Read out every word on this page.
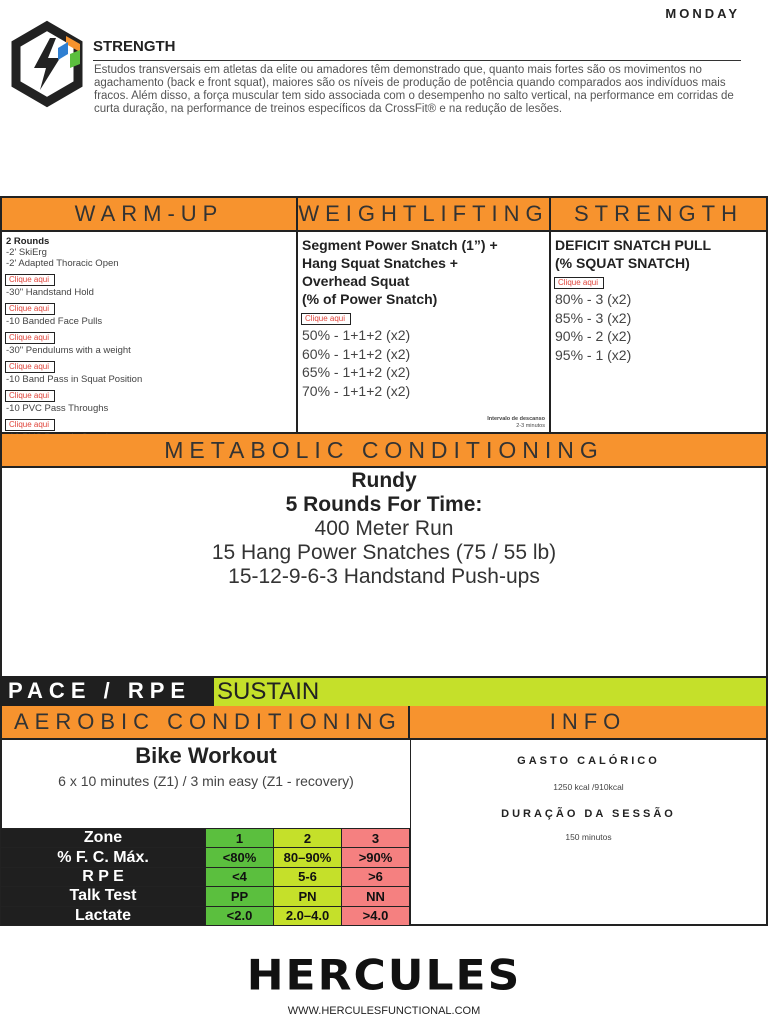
MONDAY
STRENGTH
Estudos transversais em atletas da elite ou amadores têm demonstrado que, quanto mais fortes são os movimentos no agachamento (back e front squat), maiores são os níveis de produção de potência quando comparados aos indivíduos mais fracos. Além disso, a força muscular tem sido associada com o desempenho no salto vertical, na performance em corridas de curta duração, na performance de treinos específicos da CrossFit® e na redução de lesões.
WARM-UP	WEIGHTLIFTING	STRENGTH
2 Rounds
-2' SkiErg
-2' Adapted Thoracic Open
Clique aqui
-30" Handstand Hold
Clique aqui
-10 Banded Face Pulls
Clique aqui
-30" Pendulums with a weight
Clique aqui
-10 Band Pass in Squat Position
Clique aqui
-10 PVC Pass Throughs
Clique aqui
Segment Power Snatch (1”) +
Hang Squat Snatches +
Overhead Squat
(% of Power Snatch)
Clique aqui
50% - 1+1+2 (x2)
60% - 1+1+2 (x2)
65% - 1+1+2 (x2)
70% - 1+1+2 (x2)
Intervalo de descanso
2-3 minutos
DEFICIT SNATCH PULL
(% SQUAT SNATCH)
Clique aqui
80% - 3 (x2)
85% - 3 (x2)
90% - 2 (x2)
95% - 1 (x2)
METABOLIC CONDITIONING
Rundy
5 Rounds For Time:
400 Meter Run
15 Hang Power Snatches (75 / 55 lb)
15-12-9-6-3 Handstand Push-ups
PACE / RPE SUSTAIN
AEROBIC CONDITIONING	INFO
Bike Workout
6 x 10 minutes (Z1) / 3 min easy (Z1 - recovery)
Zone	1	2	3
% F. C. Máx.	<80%	80–90%	>90%
R P E	<4	5-6	>6
Talk Test	PP	PN	NN
Lactate	<2.0	2.0–4.0	>4.0
GASTO CALÓRICO
1250 kcal /910kcal
DURAÇÃO DA SESSÃO
150 minutos
HERCULES
WWW.HERCULESFUNCTIONAL.COM
